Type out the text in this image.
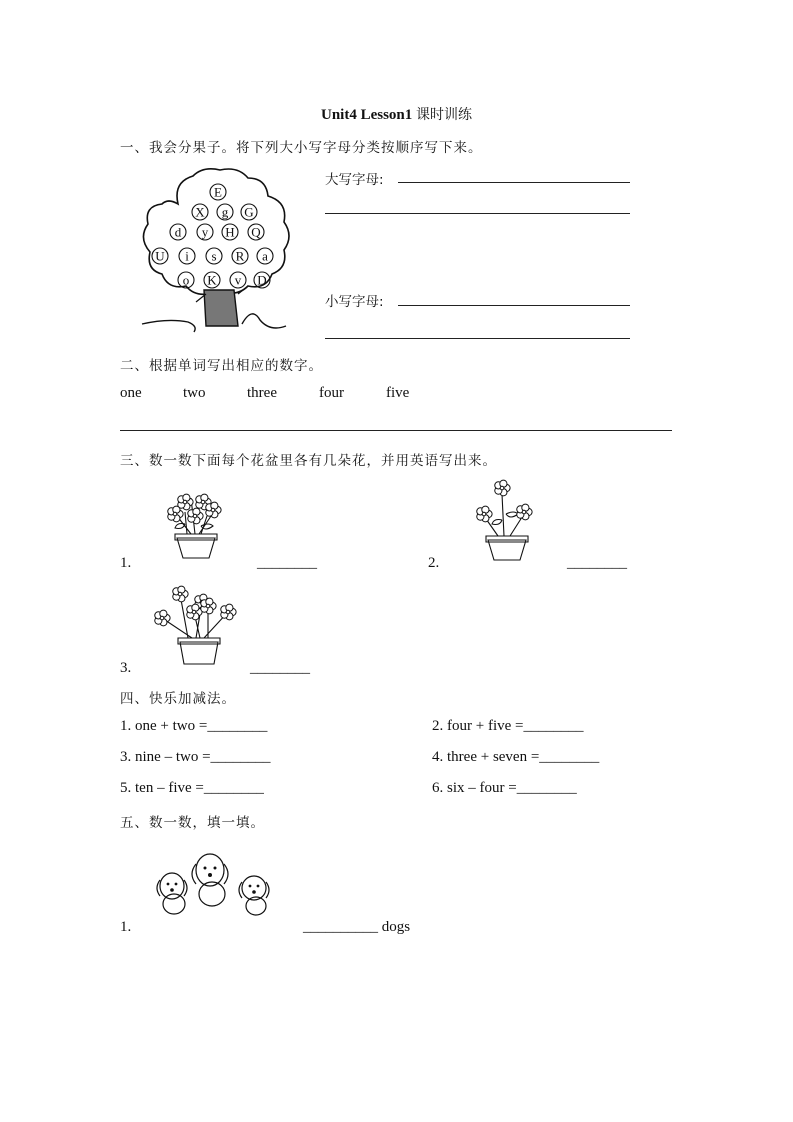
Unit4 Lesson1 课时训练
一、我会分果子。将下列大小写字母分类按顺序写下来。
E
X g G
d y H Q
U i s R a
o K v D
大写字母:
小写字母:
二、根据单词写出相应的数字。
one	two	three	four	five
三、数一数下面每个花盆里各有几朵花，并用英语写出来。
1.	________	2.	________
3.	________
四、快乐加减法。
1. one + two =________	2. four + five =________
3. nine – two =________	4. three + seven =________
5. ten – five =________	6. six – four =________
五、数一数，填一填。
1.	__________ dogs
